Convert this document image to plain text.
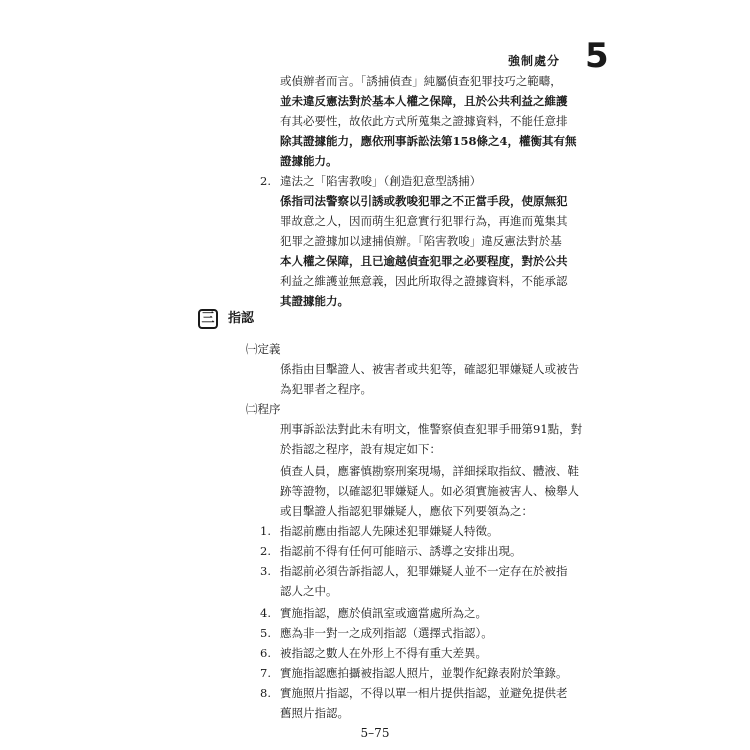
強制處分 5
或偵辦者而言。「誘捕偵查」純屬偵查犯罪技巧之範疇，
並未違反憲法對於基本人權之保障，且於公共利益之維護
有其必要性，故依此方式所蒐集之證據資料，不能任意排
除其證據能力，應依刑事訴訟法第158條之4，權衡其有無
證據能力。
2. 違法之「陷害教唆」（創造犯意型誘捕）
係指司法警察以引誘或教唆犯罪之不正當手段，使原無犯
罪故意之人，因而萌生犯意實行犯罪行為，再進而蒐集其
犯罪之證據加以逮捕偵辦。「陷害教唆」違反憲法對於基
本人權之保障，且已逾越偵查犯罪之必要程度，對於公共
利益之維護並無意義，因此所取得之證據資料，不能承認
其證據能力。
三 指認
㈠定義
係指由目擊證人、被害者或共犯等，確認犯罪嫌疑人或被告
為犯罪者之程序。
㈡程序
刑事訴訟法對此未有明文，惟警察偵查犯罪手冊第91點，對
於指認之程序，設有規定如下：
偵查人員，應審慎勘察刑案現場，詳細採取指紋、體液、鞋
跡等證物，以確認犯罪嫌疑人。如必須實施被害人、檢舉人
或目擊證人指認犯罪嫌疑人，應依下列要領為之：
1. 指認前應由指認人先陳述犯罪嫌疑人特徵。
2. 指認前不得有任何可能暗示、誘導之安排出現。
3. 指認前必須告訴指認人，犯罪嫌疑人並不一定存在於被指
認人之中。
4. 實施指認，應於偵訊室或適當處所為之。
5. 應為非一對一之成列指認（選擇式指認）。
6. 被指認之數人在外形上不得有重大差異。
7. 實施指認應拍攝被指認人照片，並製作紀錄表附於筆錄。
8. 實施照片指認，不得以單一相片提供指認，並避免提供老
舊照片指認。
5–75
